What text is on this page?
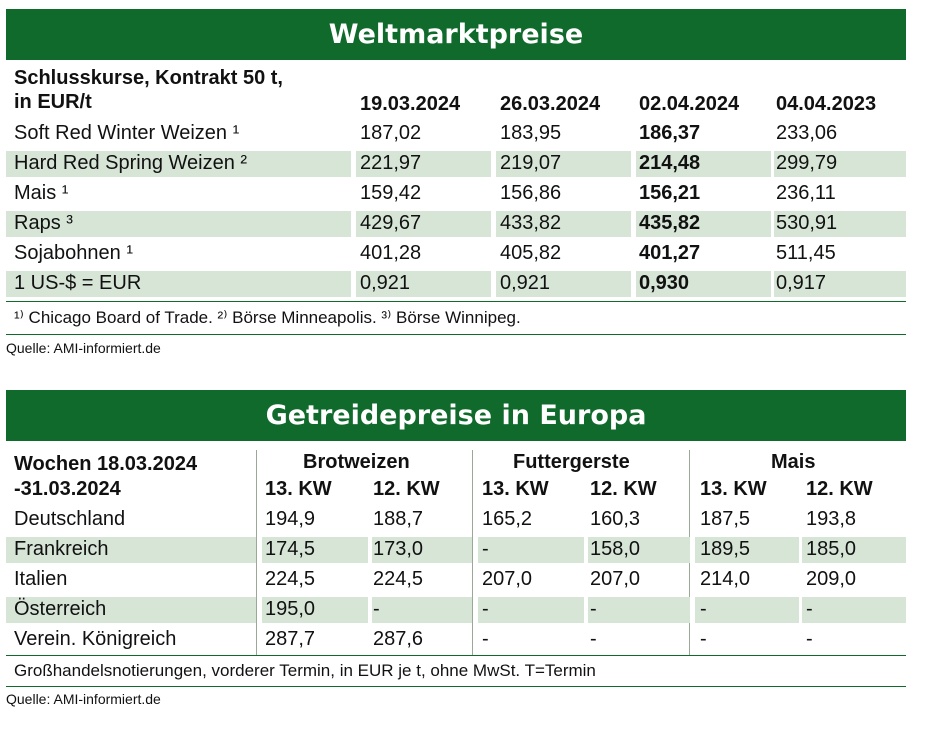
Weltmarktpreise
Schlusskurse, Kontrakt 50 t,
in EUR/t	19.03.2024 26.03.2024 02.04.2024 04.04.2023
Soft Red Winter Weizen ¹	187,02	183,95	186,37	233,06
Hard Red Spring Weizen ²	221,97	219,07	214,48	299,79
Mais ¹	159,42	156,86	156,21	236,11
Raps ³	429,67	433,82	435,82	530,91
Sojabohnen ¹	401,28	405,82	401,27	511,45
1 US-$ = EUR	0,921	0,921	0,930	0,917
¹⁾ Chicago Board of Trade. ²⁾ Börse Minneapolis. ³⁾ Börse Winnipeg.
Quelle: AMI-informiert.de
Getreidepreise in Europa
Wochen 18.03.2024
-31.03.2024
Brotweizen	Futtergerste	Mais
13. KW 12. KW 13. KW 12. KW 13. KW 12. KW
Deutschland	194,9	188,7	165,2	160,3	187,5	193,8
Frankreich	174,5	173,0	-	158,0	189,5	185,0
Italien	224,5	224,5	207,0	207,0	214,0	209,0
Österreich	195,0	-	-	-	-	-
Verein. Königreich	287,7	287,6	-	-	-	-
Großhandelsnotierungen, vorderer Termin, in EUR je t, ohne MwSt. T=Termin
Quelle: AMI-informiert.de
